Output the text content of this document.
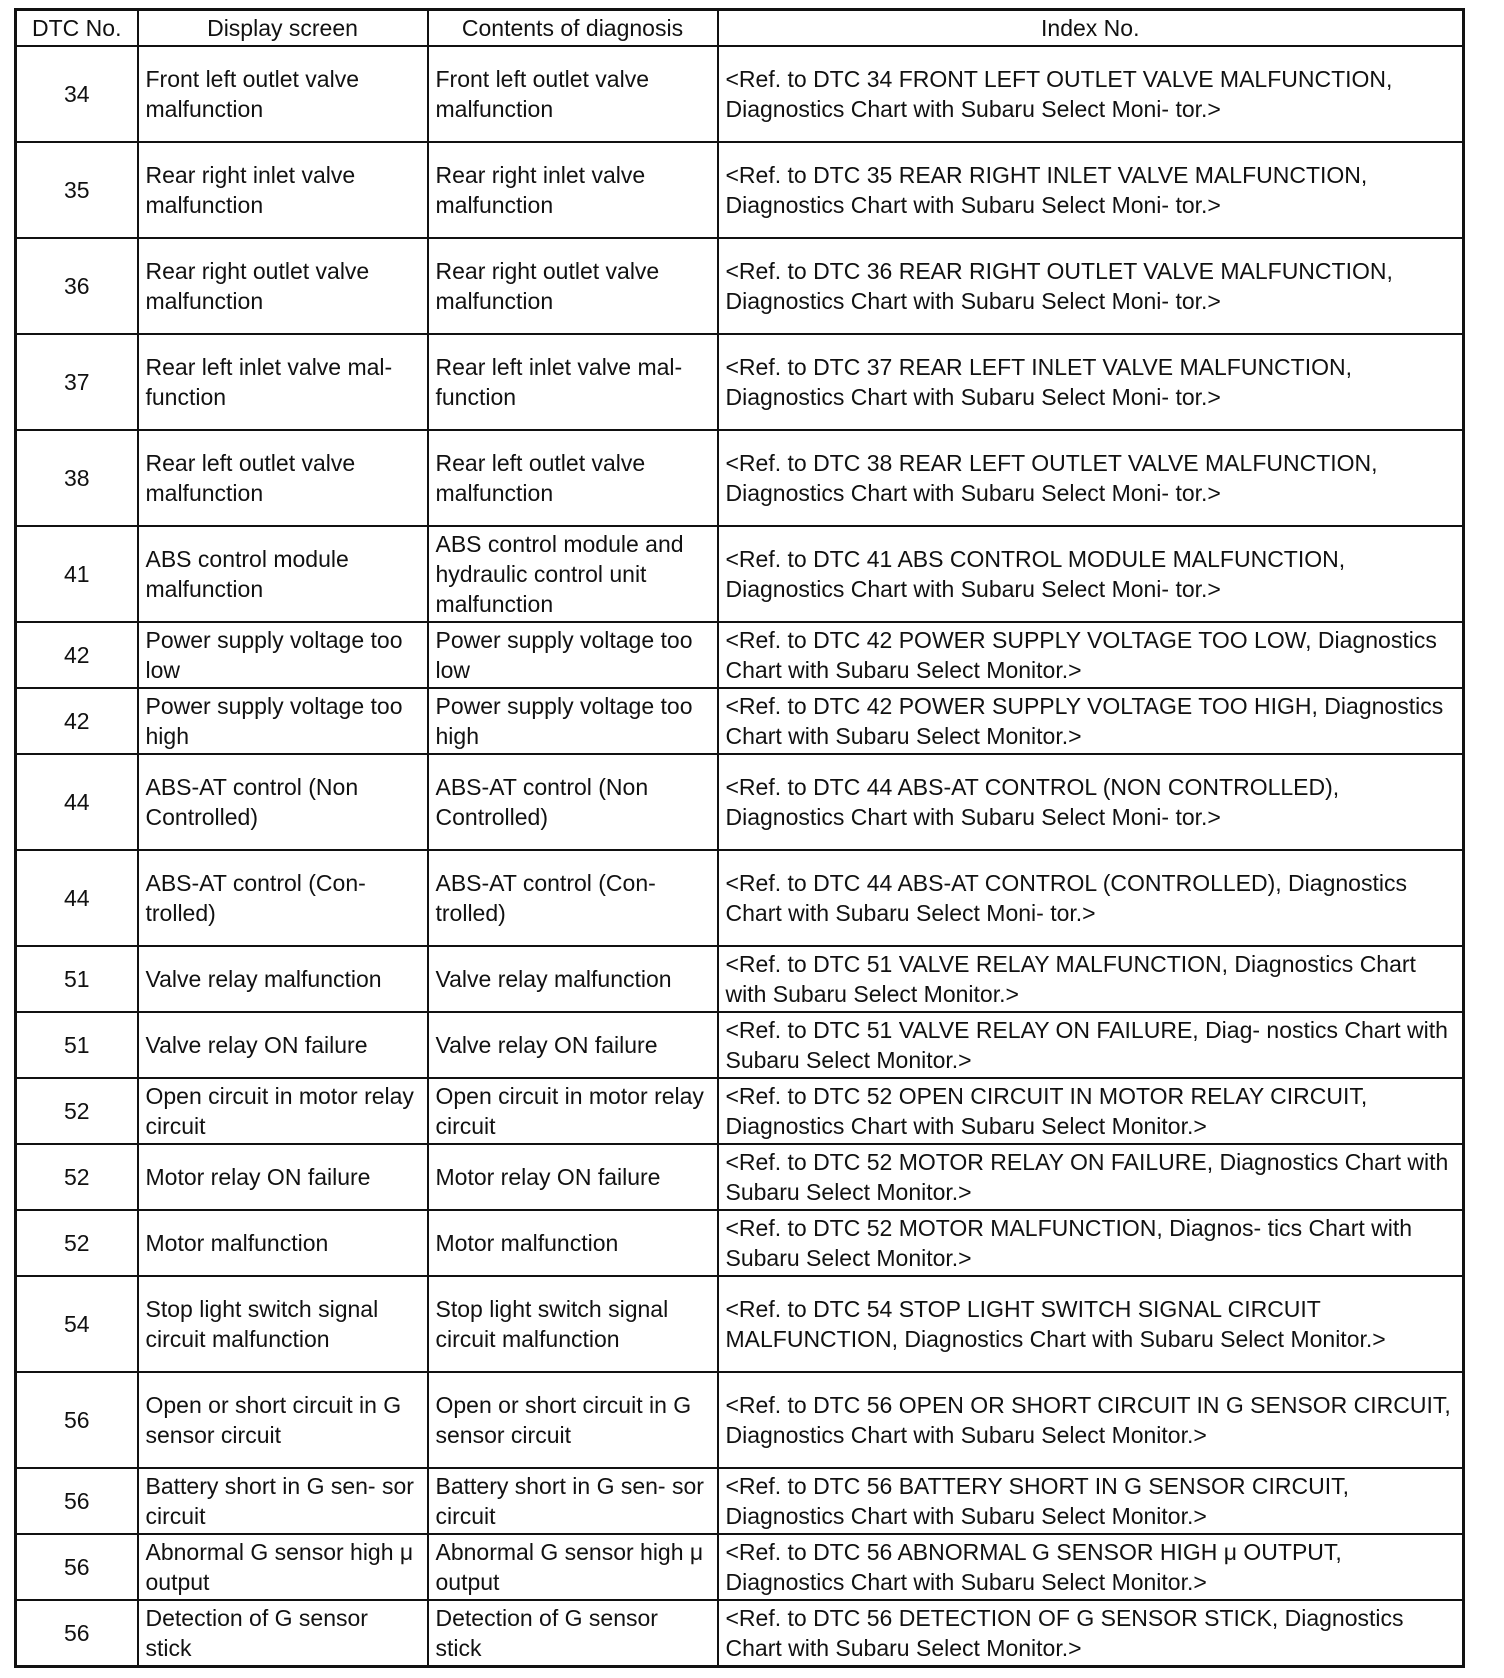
DTC No.	Display screen	Contents of diagnosis	Index No.
34	Front left outlet valve malfunction	Front left outlet valve malfunction	<Ref. to DTC 34 FRONT LEFT OUTLET VALVE MALFUNCTION, Diagnostics Chart with Subaru Select Moni- tor.>
35	Rear right inlet valve malfunction	Rear right inlet valve malfunction	<Ref. to DTC 35 REAR RIGHT INLET VALVE MALFUNCTION, Diagnostics Chart with Subaru Select Moni- tor.>
36	Rear right outlet valve malfunction	Rear right outlet valve malfunction	<Ref. to DTC 36 REAR RIGHT OUTLET VALVE MALFUNCTION, Diagnostics Chart with Subaru Select Moni- tor.>
37	Rear left inlet valve mal- function	Rear left inlet valve mal- function	<Ref. to DTC 37 REAR LEFT INLET VALVE MALFUNCTION, Diagnostics Chart with Subaru Select Moni- tor.>
38	Rear left outlet valve malfunction	Rear left outlet valve malfunction	<Ref. to DTC 38 REAR LEFT OUTLET VALVE MALFUNCTION, Diagnostics Chart with Subaru Select Moni- tor.>
41	ABS control module malfunction	ABS control module and hydraulic control unit malfunction	<Ref. to DTC 41 ABS CONTROL MODULE MALFUNCTION, Diagnostics Chart with Subaru Select Moni- tor.>
42	Power supply voltage too low	Power supply voltage too low	<Ref. to DTC 42 POWER SUPPLY VOLTAGE TOO LOW, Diagnostics Chart with Subaru Select Monitor.>
42	Power supply voltage too high	Power supply voltage too high	<Ref. to DTC 42 POWER SUPPLY VOLTAGE TOO HIGH, Diagnostics Chart with Subaru Select Monitor.>
44	ABS-AT control (Non Controlled)	ABS-AT control (Non Controlled)	<Ref. to DTC 44 ABS-AT CONTROL (NON CONTROLLED), Diagnostics Chart with Subaru Select Moni- tor.>
44	ABS-AT control (Con- trolled)	ABS-AT control (Con- trolled)	<Ref. to DTC 44 ABS-AT CONTROL (CONTROLLED), Diagnostics Chart with Subaru Select Moni- tor.>
51	Valve relay malfunction	Valve relay malfunction	<Ref. to DTC 51 VALVE RELAY MALFUNCTION, Diagnostics Chart with Subaru Select Monitor.>
51	Valve relay ON failure	Valve relay ON failure	<Ref. to DTC 51 VALVE RELAY ON FAILURE, Diag- nostics Chart with Subaru Select Monitor.>
52	Open circuit in motor relay circuit	Open circuit in motor relay circuit	<Ref. to DTC 52 OPEN CIRCUIT IN MOTOR RELAY CIRCUIT, Diagnostics Chart with Subaru Select Monitor.>
52	Motor relay ON failure	Motor relay ON failure	<Ref. to DTC 52 MOTOR RELAY ON FAILURE, Diagnostics Chart with Subaru Select Monitor.>
52	Motor malfunction	Motor malfunction	<Ref. to DTC 52 MOTOR MALFUNCTION, Diagnos- tics Chart with Subaru Select Monitor.>
54	Stop light switch signal circuit malfunction	Stop light switch signal circuit malfunction	<Ref. to DTC 54 STOP LIGHT SWITCH SIGNAL CIRCUIT MALFUNCTION, Diagnostics Chart with Subaru Select Monitor.>
56	Open or short circuit in G sensor circuit	Open or short circuit in G sensor circuit	<Ref. to DTC 56 OPEN OR SHORT CIRCUIT IN G SENSOR CIRCUIT, Diagnostics Chart with Subaru Select Monitor.>
56	Battery short in G sen- sor circuit	Battery short in G sen- sor circuit	<Ref. to DTC 56 BATTERY SHORT IN G SENSOR CIRCUIT, Diagnostics Chart with Subaru Select Monitor.>
56	Abnormal G sensor high μ output	Abnormal G sensor high μ output	<Ref. to DTC 56 ABNORMAL G SENSOR HIGH μ OUTPUT, Diagnostics Chart with Subaru Select Monitor.>
56	Detection of G sensor stick	Detection of G sensor stick	<Ref. to DTC 56 DETECTION OF G SENSOR STICK, Diagnostics Chart with Subaru Select Monitor.>
